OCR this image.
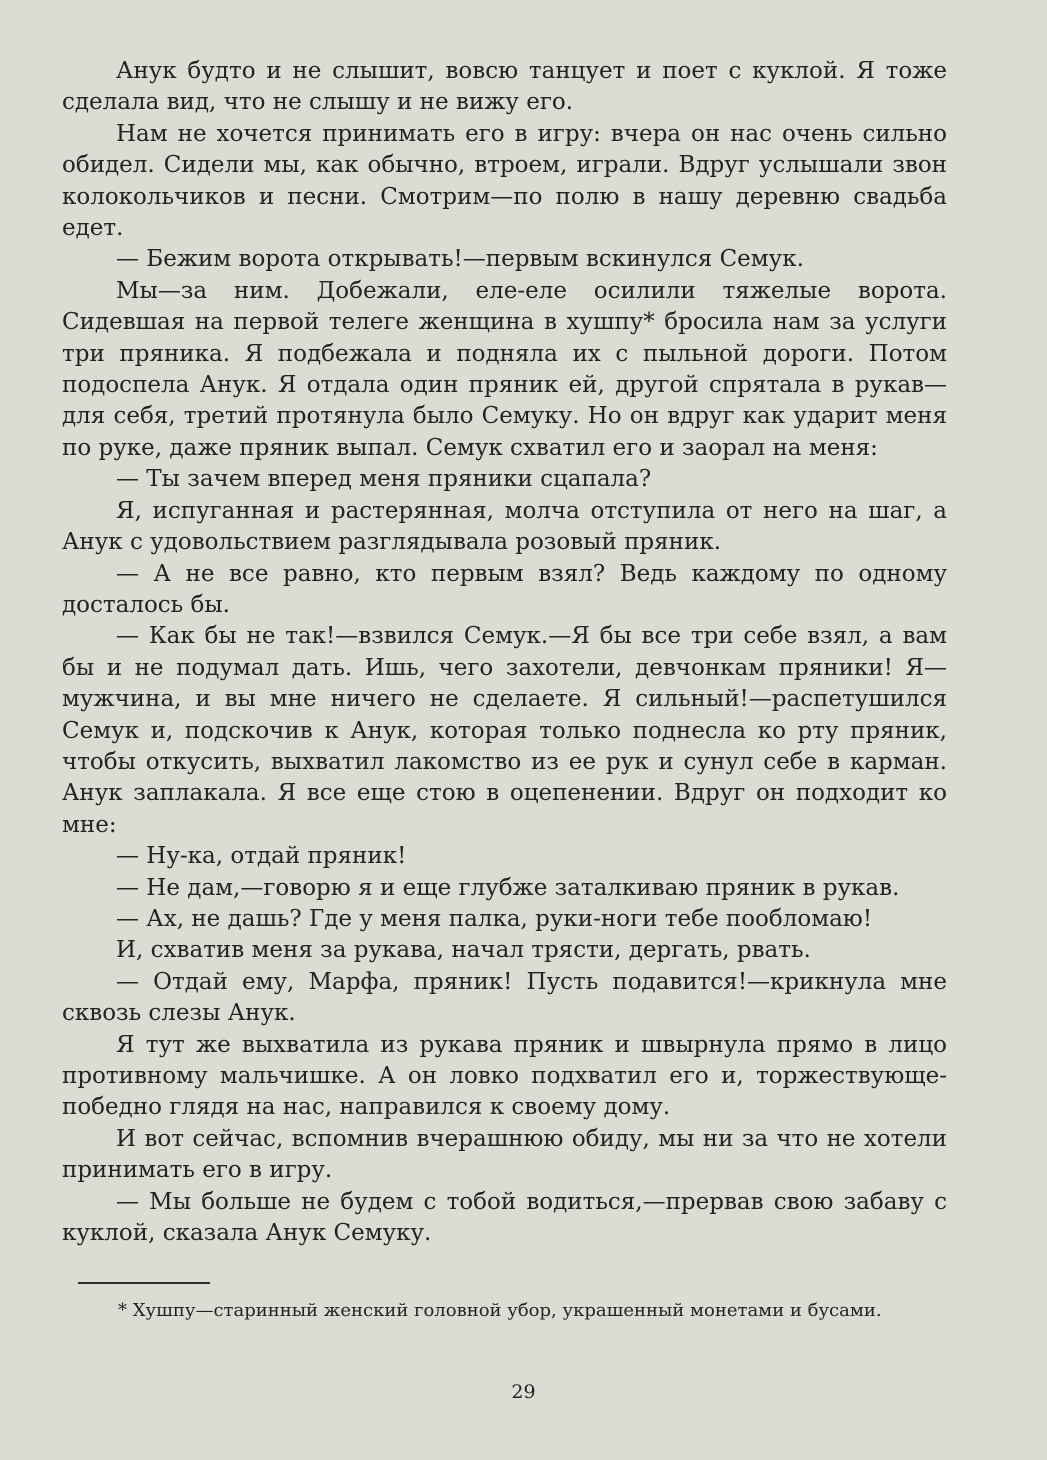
Анук будто и не слышит, вовсю танцует и поет с куклой. Я тоже сделала вид, что не слышу и не вижу его.

Нам не хочется принимать его в игру: вчера он нас очень сильно обидел. Сидели мы, как обычно, втроем, играли. Вдруг услышали звон колокольчиков и песни. Смотрим—по полю в нашу деревню свадьба едет.

— Бежим ворота открывать!—первым вскинулся Семук.

Мы—за ним. Добежали, еле-еле осилили тяжелые ворота. Сидевшая на первой телеге женщина в хушпу* бросила нам за услуги три пряника. Я подбежала и подняла их с пыльной дороги. Потом подоспела Анук. Я отдала один пряник ей, другой спрятала в рукав—для себя, третий протянула было Семуку. Но он вдруг как ударит меня по руке, даже пряник выпал. Семук схватил его и заорал на меня:

— Ты зачем вперед меня пряники сцапала?

Я, испуганная и растерянная, молча отступила от него на шаг, а Анук с удовольствием разглядывала розовый пряник.

— А не все равно, кто первым взял? Ведь каждому по одному досталось бы.

— Как бы не так!—взвился Семук.—Я бы все три себе взял, а вам бы и не подумал дать. Ишь, чего захотели, девчонкам пряники! Я—мужчина, и вы мне ничего не сделаете. Я сильный!—распетушился Семук и, подскочив к Анук, которая только поднесла ко рту пряник, чтобы откусить, выхватил лакомство из ее рук и сунул себе в карман. Анук заплакала. Я все еще стою в оцепенении. Вдруг он подходит ко мне:

— Ну-ка, отдай пряник!

— Не дам,—говорю я и еще глубже заталкиваю пряник в рукав.

— Ах, не дашь? Где у меня палка, руки-ноги тебе пообломаю!

И, схватив меня за рукава, начал трясти, дергать, рвать.

— Отдай ему, Марфа, пряник! Пусть подавится!—крикнула мне сквозь слезы Анук.

Я тут же выхватила из рукава пряник и швырнула прямо в лицо противному мальчишке. А он ловко подхватил его и, торжествующе-победно глядя на нас, направился к своему дому.

И вот сейчас, вспомнив вчерашнюю обиду, мы ни за что не хотели принимать его в игру.

— Мы больше не будем с тобой водиться,—прервав свою забаву с куклой, сказала Анук Семуку.

* Хушпу—старинный женский головной убор, украшенный монетами и бусами.
29
